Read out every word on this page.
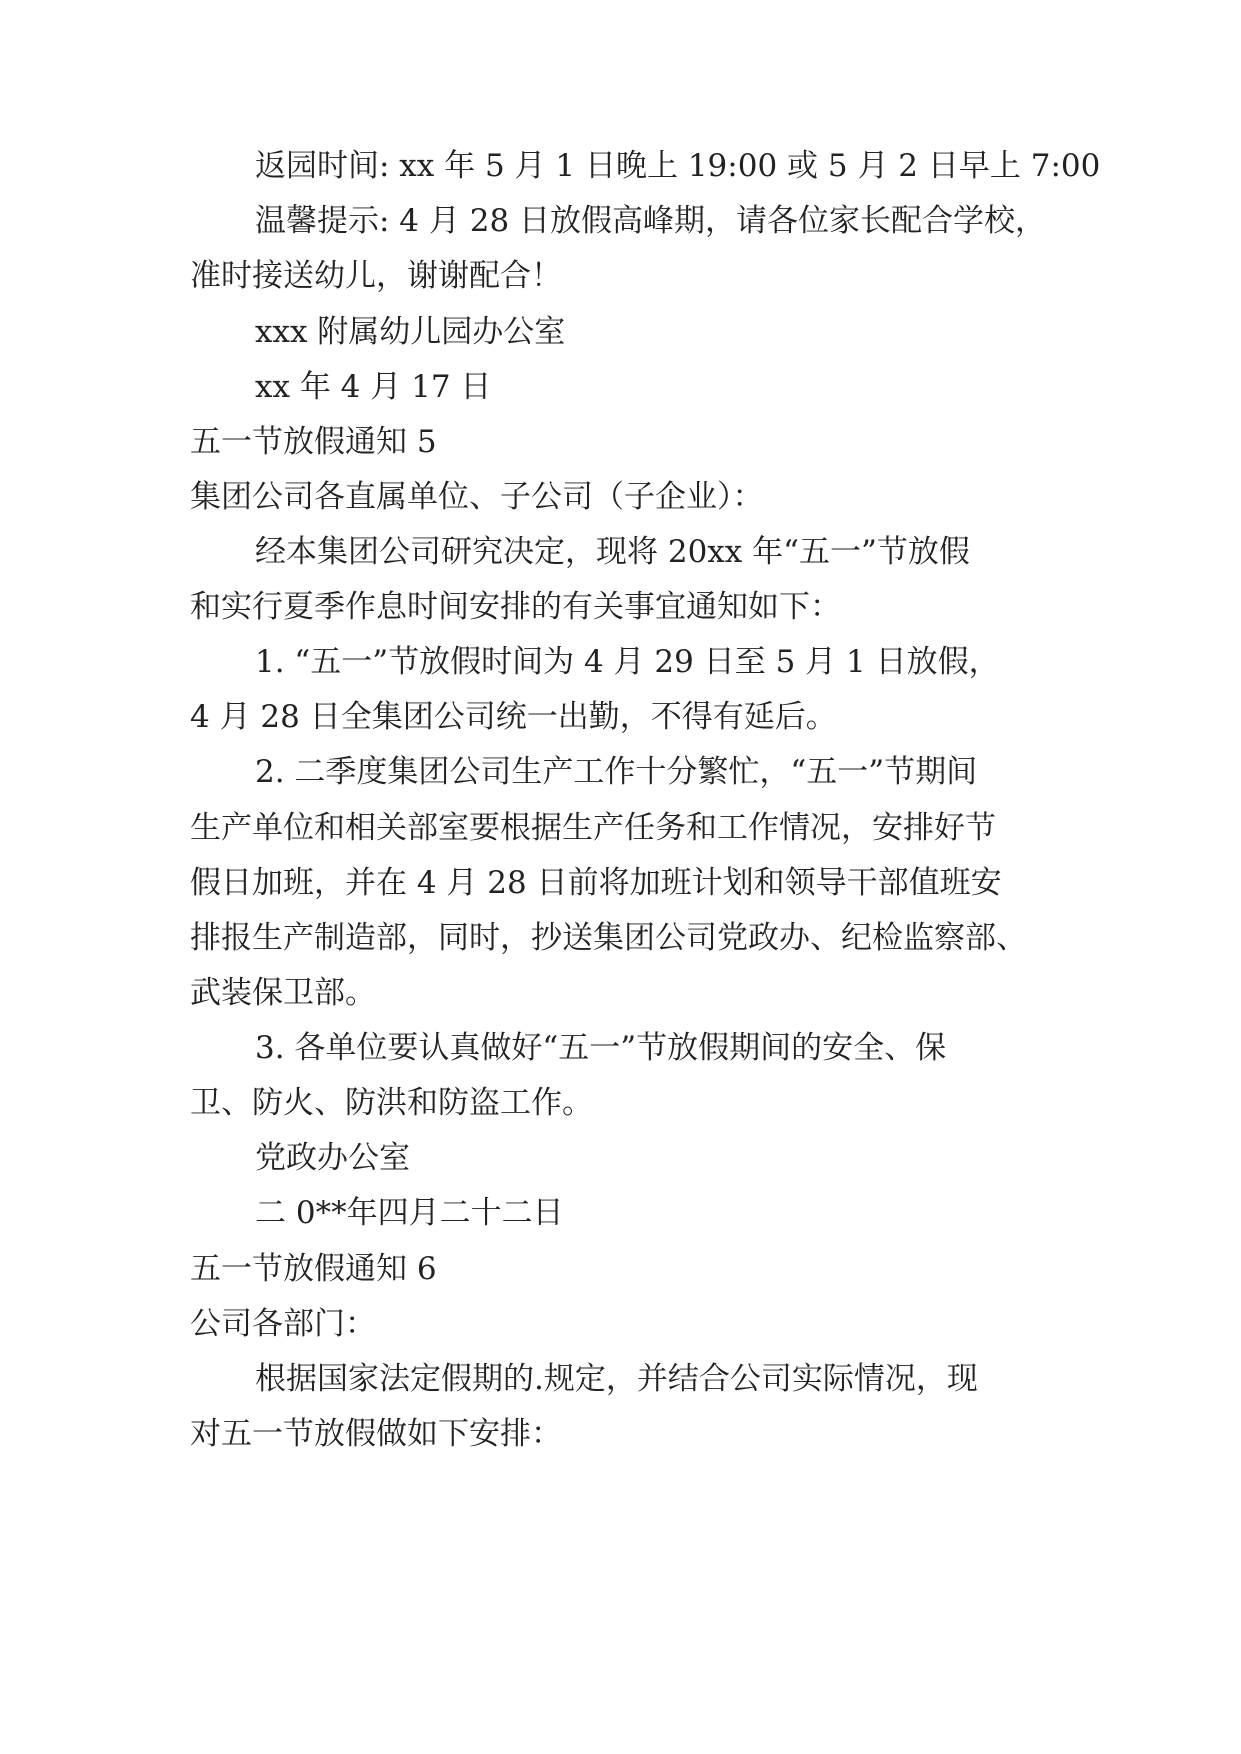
返园时间: xx 年 5 月 1 日晚上 19:00 或 5 月 2 日早上 7:00
温馨提示: 4 月 28 日放假高峰期，请各位家长配合学校，
准时接送幼儿，谢谢配合！
xxx 附属幼儿园办公室
xx 年 4 月 17 日
五一节放假通知 5
集团公司各直属单位、子公司（子企业）：
经本集团公司研究决定，现将 20xx 年“五一”节放假
和实行夏季作息时间安排的有关事宜通知如下：
1. “五一”节放假时间为 4 月 29 日至 5 月 1 日放假，
4 月 28 日全集团公司统一出勤，不得有延后。
2. 二季度集团公司生产工作十分繁忙，“五一”节期间
生产单位和相关部室要根据生产任务和工作情况，安排好节
假日加班，并在 4 月 28 日前将加班计划和领导干部值班安
排报生产制造部，同时，抄送集团公司党政办、纪检监察部、
武装保卫部。
3. 各单位要认真做好“五一”节放假期间的安全、保
卫、防火、防洪和防盗工作。
党政办公室
二 0**年四月二十二日
五一节放假通知 6
公司各部门：
根据国家法定假期的.规定，并结合公司实际情况，现
对五一节放假做如下安排：
